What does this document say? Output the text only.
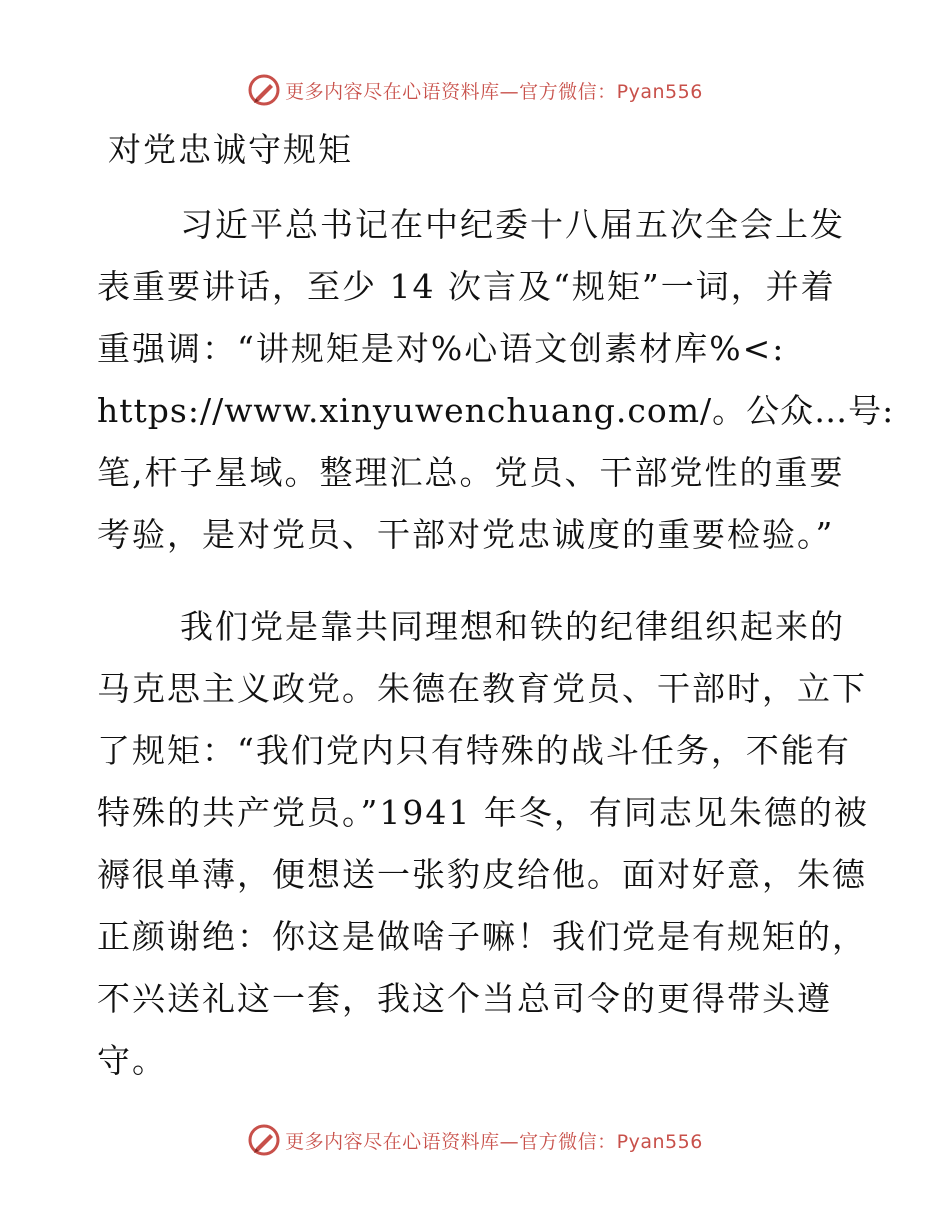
更多内容尽在心语资料库—官方微信：Pyan556
对党忠诚守规矩
习近平总书记在中纪委十八届五次全会上发
表重要讲话，至少 14 次言及“规矩”一词，并着
重强调：“讲规矩是对%心语文创素材库%<:
https://www.xinyuwenchuang.com/。公众…号:
笔,杆子星域。整理汇总。党员、干部党性的重要
考验，是对党员、干部对党忠诚度的重要检验。”
我们党是靠共同理想和铁的纪律组织起来的
马克思主义政党。朱德在教育党员、干部时，立下
了规矩：“我们党内只有特殊的战斗任务，不能有
特殊的共产党员。”1941 年冬，有同志见朱德的被
褥很单薄，便想送一张豹皮给他。面对好意，朱德
正颜谢绝：你这是做啥子嘛！我们党是有规矩的，
不兴送礼这一套，我这个当总司令的更得带头遵
守。
更多内容尽在心语资料库—官方微信：Pyan556
